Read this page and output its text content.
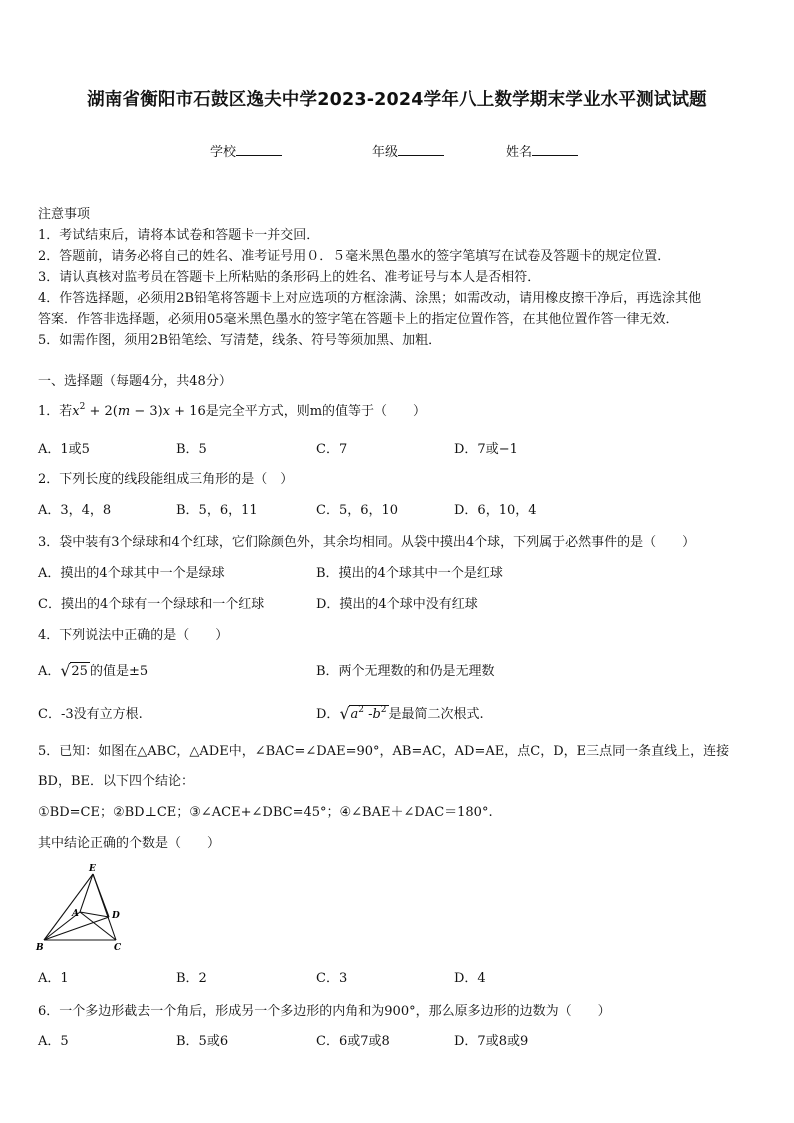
湖南省衡阳市石鼓区逸夫中学2023-2024学年八上数学期末学业水平测试试题
学校	年级	姓名
注意事项
1．考试结束后，请将本试卷和答题卡一并交回．
2．答题前，请务必将自己的姓名、准考证号用０．５毫米黑色墨水的签字笔填写在试卷及答题卡的规定位置．
3．请认真核对监考员在答题卡上所粘贴的条形码上的姓名、准考证号与本人是否相符．
4．作答选择题，必须用2B铅笔将答题卡上对应选项的方框涂满、涂黑；如需改动，请用橡皮擦干净后，再选涂其他
答案．作答非选择题，必须用05毫米黑色墨水的签字笔在答题卡上的指定位置作答，在其他位置作答一律无效．
5．如需作图，须用2B铅笔绘、写清楚，线条、符号等须加黑、加粗．
一、选择题（每题4分，共48分）
1．若$x^2 + 2(m - 3)x + 16$是完全平方式，则m的值等于（　　）
A．1或5	B．5	C．7	D．7或−1
2．下列长度的线段能组成三角形的是（　）
A．3，4，8	B．5，6，11	C．5，6，10	D．6，10，4
3．袋中装有3个绿球和4个红球，它们除颜色外，其余均相同。从袋中摸出4个球，下列属于必然事件的是（　　）
A．摸出的4个球其中一个是绿球	B．摸出的4个球其中一个是红球
C．摸出的4个球有一个绿球和一个红球	D．摸出的4个球中没有红球
4．下列说法中正确的是（　　）
A． √ 25 的值是±5	B．两个无理数的和仍是无理数
C．-3没有立方根.	D． √ $a^2$ $-b^2$ 是最简二次根式.
5．已知：如图在△ABC，△ADE中，∠BAC=∠DAE=90°，AB=AC，AD=AE，点C，D，E三点同一条直线上，连接
BD，BE．以下四个结论：
①BD=CE；②BD⊥CE；③∠ACE+∠DBC=45°；④∠BAE＋∠DAC＝180°.
其中结论正确的个数是（　　）
E
A	D
B	C
A．1	B．2	C．3	D．4
6．一个多边形截去一个角后，形成另一个多边形的内角和为900°，那么原多边形的边数为（　　）
A．5	B．5或6	C．6或7或8	D．7或8或9
